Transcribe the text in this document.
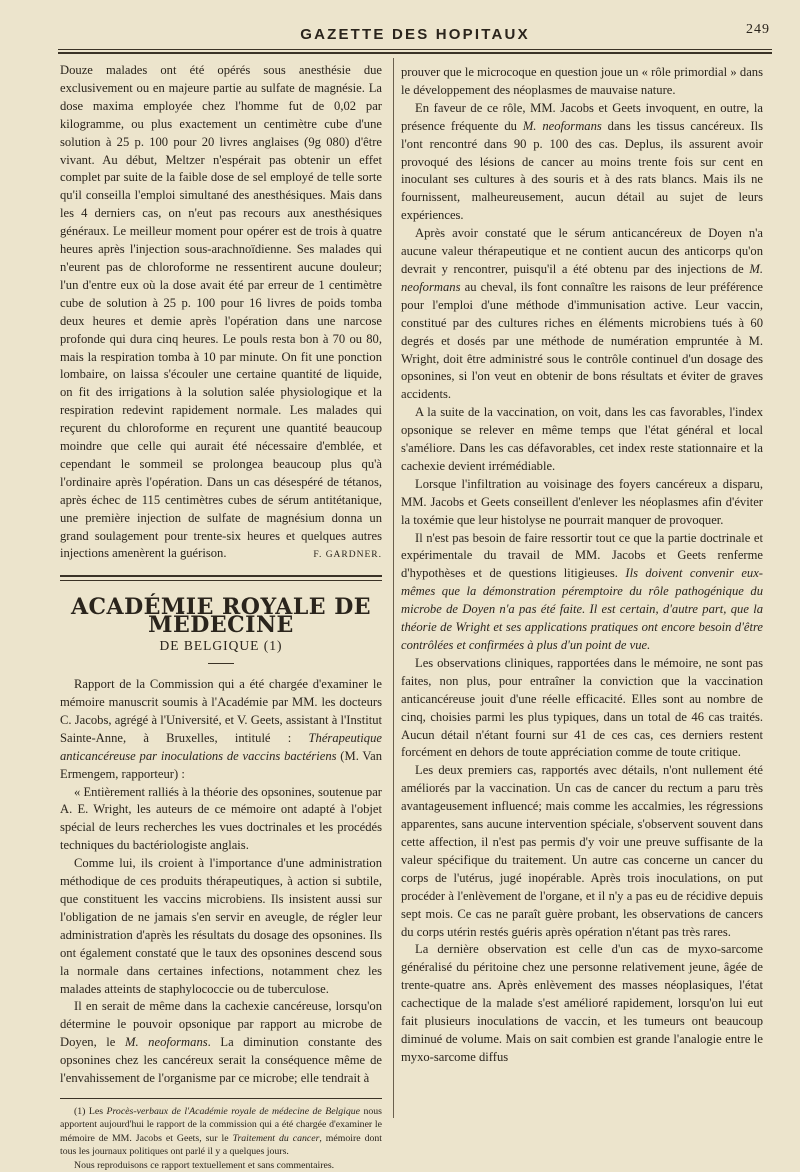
GAZETTE DES HOPITAUX	249

Douze malades ont été opérés sous anesthésie due exclusivement ou en majeure partie au sulfate de magnésie. La dose maxima employée chez l'homme fut de 0,02 par kilogramme, ou plus exactement un centimètre cube d'une solution à 25 p. 100 pour 20 livres anglaises (9g 080) d'être vivant. Au début, Meltzer n'espérait pas obtenir un effet complet par suite de la faible dose de sel employé de telle sorte qu'il conseilla l'emploi simultané des anesthésiques. Mais dans les 4 derniers cas, on n'eut pas recours aux anesthésiques généraux. Le meilleur moment pour opérer est de trois à quatre heures après l'injection sous-arachnoïdienne. Ses malades qui n'eurent pas de chloroforme ne ressentirent aucune douleur; l'un d'entre eux où la dose avait été par erreur de 1 centimètre cube de solution à 25 p. 100 pour 16 livres de poids tomba deux heures et demie après l'opération dans une narcose profonde qui dura cinq heures. Le pouls resta bon à 70 ou 80, mais la respiration tomba à 10 par minute. On fit une ponction lombaire, on laissa s'écouler une certaine quantité de liquide, on fit des irrigations à la solution salée physiologique et la respiration redevint rapidement normale. Les malades qui reçurent du chloroforme en reçurent une quantité beaucoup moindre que celle qui aurait été nécessaire d'emblée, et cependant le sommeil se prolongea beaucoup plus qu'à l'ordinaire après l'opération. Dans un cas désespéré de tétanos, après échec de 115 centimètres cubes de sérum antitétanique, une première injection de sulfate de magnésium donna un grand soulagement pour trente-six heures et quelques autres injections amenèrent la guérison.	F. GARDNER.

ACADÉMIE ROYALE DE MÉDECINE
DE BELGIQUE (1)

Rapport de la Commission qui a été chargée d'examiner le mémoire manuscrit soumis à l'Académie par MM. les docteurs C. Jacobs, agrégé à l'Université, et V. Geets, assistant à l'Institut Sainte-Anne, à Bruxelles, intitulé : Thérapeutique anticancéreuse par inoculations de vaccins bactériens (M. Van Ermengem, rapporteur) :

« Entièrement ralliés à la théorie des opsonines, soutenue par A. E. Wright, les auteurs de ce mémoire ont adapté à l'objet spécial de leurs recherches les vues doctrinales et les procédés techniques du bactériologiste anglais.

Comme lui, ils croient à l'importance d'une administration méthodique de ces produits thérapeutiques, à action si subtile, que constituent les vaccins microbiens. Ils insistent aussi sur l'obligation de ne jamais s'en servir en aveugle, de régler leur administration d'après les résultats du dosage des opsonines. Ils ont également constaté que le taux des opsonines descend sous la normale dans certaines infections, notamment chez les malades atteints de staphylococcie ou de tuberculose.

Il en serait de même dans la cachexie cancéreuse, lorsqu'on détermine le pouvoir opsonique par rapport au microbe de Doyen, le M. neoformans. La diminution constante des opsonines chez les cancéreux serait la conséquence même de l'envahissement de l'organisme par ce microbe; elle tendrait à

(1) Les Procès-verbaux de l'Académie royale de médecine de Belgique nous apportent aujourd'hui le rapport de la commission qui a été chargée d'examiner le mémoire de MM. Jacobs et Geets, sur le Traitement du cancer, mémoire dont tous les journaux politiques ont parlé il y a quelques jours.

Nous reproduisons ce rapport textuellement et sans commentaires.

prouver que le microcoque en question joue un « rôle primordial » dans le développement des néoplasmes de mauvaise nature.

En faveur de ce rôle, MM. Jacobs et Geets invoquent, en outre, la présence fréquente du M. neoformans dans les tissus cancéreux. Ils l'ont rencontré dans 90 p. 100 des cas. Deplus, ils assurent avoir provoqué des lésions de cancer au moins trente fois sur cent en inoculant ses cultures à des souris et à des rats blancs. Mais ils ne fournissent, malheureusement, aucun détail au sujet de leurs expériences.

Après avoir constaté que le sérum anticancéreux de Doyen n'a aucune valeur thérapeutique et ne contient aucun des anticorps qu'on devrait y rencontrer, puisqu'il a été obtenu par des injections de M. neoformans au cheval, ils font connaître les raisons de leur préférence pour l'emploi d'une méthode d'immunisation active. Leur vaccin, constitué par des cultures riches en éléments microbiens tués à 60 degrés et dosés par une méthode de numération empruntée à M. Wright, doit être administré sous le contrôle continuel d'un dosage des opsonines, si l'on veut en obtenir de bons résultats et éviter de graves accidents.

A la suite de la vaccination, on voit, dans les cas favorables, l'index opsonique se relever en même temps que l'état général et local s'améliore. Dans les cas défavorables, cet index reste stationnaire et la cachexie devient irrémédiable.

Lorsque l'infiltration au voisinage des foyers cancéreux a disparu, MM. Jacobs et Geets conseillent d'enlever les néoplasmes afin d'éviter la toxémie que leur histolyse ne pourrait manquer de provoquer.

Il n'est pas besoin de faire ressortir tout ce que la partie doctrinale et expérimentale du travail de MM. Jacobs et Geets renferme d'hypothèses et de questions litigieuses. Ils doivent convenir eux-mêmes que la démonstration péremptoire du rôle pathogénique du microbe de Doyen n'a pas été faite. Il est certain, d'autre part, que la théorie de Wright et ses applications pratiques ont encore besoin d'être contrôlées et confirmées à plus d'un point de vue.

Les observations cliniques, rapportées dans le mémoire, ne sont pas faites, non plus, pour entraîner la conviction que la vaccination anticancéreuse jouit d'une réelle efficacité. Elles sont au nombre de cinq, choisies parmi les plus typiques, dans un total de 46 cas traités. Aucun détail n'étant fourni sur 41 de ces cas, ces derniers restent forcément en dehors de toute appréciation comme de toute critique.

Les deux premiers cas, rapportés avec détails, n'ont nullement été améliorés par la vaccination. Un cas de cancer du rectum a paru très avantageusement influencé; mais comme les accalmies, les régressions apparentes, sans aucune intervention spéciale, s'observent souvent dans cette affection, il n'est pas permis d'y voir une preuve suffisante de la valeur spécifique du traitement. Un autre cas concerne un cancer du corps de l'utérus, jugé inopérable. Après trois inoculations, on put procéder à l'enlèvement de l'organe, et il n'y a pas eu de récidive depuis sept mois. Ce cas ne paraît guère probant, les observations de cancers du corps utérin restés guéris après opération n'étant pas très rares.

La dernière observation est celle d'un cas de myxo-sarcome généralisé du péritoine chez une personne relativement jeune, âgée de trente-quatre ans. Après enlèvement des masses néoplasiques, l'état cachectique de la malade s'est amélioré rapidement, lorsqu'on lui eut fait plusieurs inoculations de vaccin, et les tumeurs ont beaucoup diminué de volume. Mais on sait combien est grande l'analogie entre le myxo-sarcome diffus
